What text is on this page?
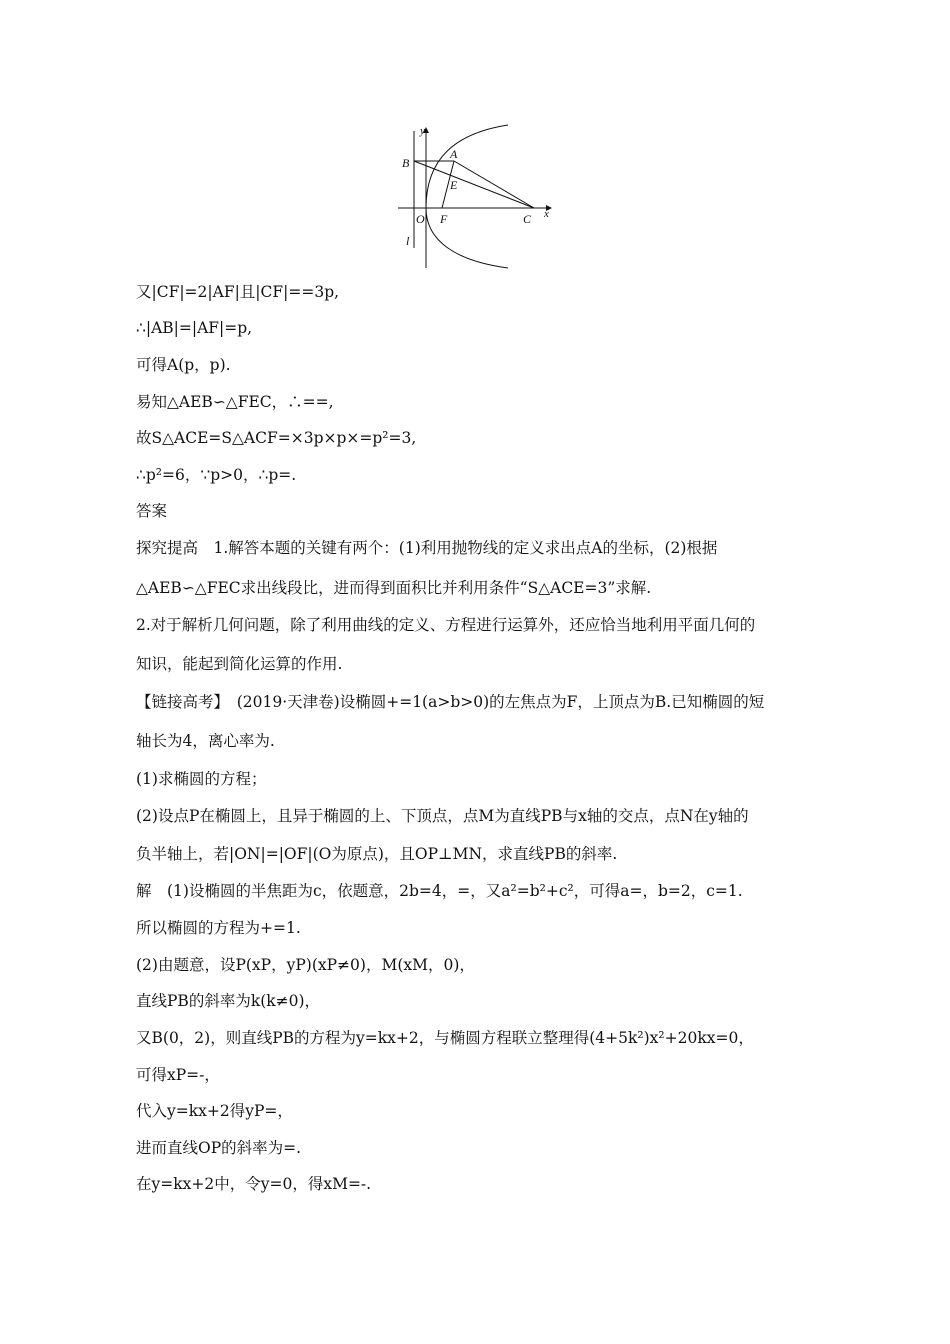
y
x
B
A
E
O F	C
l
又|CF|=2|AF|且|CF|==3p,
∴|AB|=|AF|=p,
可得A(p，p).
易知△AEB∽△FEC，∴==,
故S△ACE=S△ACF=×3p×p×=p²=3,
∴p²=6，∵p>0，∴p=.
答案
探究提高　1.解答本题的关键有两个：(1)利用抛物线的定义求出点A的坐标，(2)根据
△AEB∽△FEC求出线段比，进而得到面积比并利用条件“S△ACE=3”求解.
2.对于解析几何问题，除了利用曲线的定义、方程进行运算外，还应恰当地利用平面几何的
知识，能起到简化运算的作用.
【链接高考】　(2019·天津卷)设椭圆+=1(a>b>0)的左焦点为F，上顶点为B.已知椭圆的短
轴长为4，离心率为.
(1)求椭圆的方程；
(2)设点P在椭圆上，且异于椭圆的上、下顶点，点M为直线PB与x轴的交点，点N在y轴的
负半轴上，若|ON|=|OF|(O为原点)，且OP⊥MN，求直线PB的斜率.
解　(1)设椭圆的半焦距为c，依题意，2b=4，=，又a²=b²+c²，可得a=，b=2，c=1.
所以椭圆的方程为+=1.
(2)由题意，设P(xP，yP)(xP≠0)，M(xM，0)，
直线PB的斜率为k(k≠0)，
又B(0，2)，则直线PB的方程为y=kx+2，与椭圆方程联立整理得(4+5k²)x²+20kx=0，
可得xP=-，
代入y=kx+2得yP=，
进而直线OP的斜率为=.
在y=kx+2中，令y=0，得xM=-.
